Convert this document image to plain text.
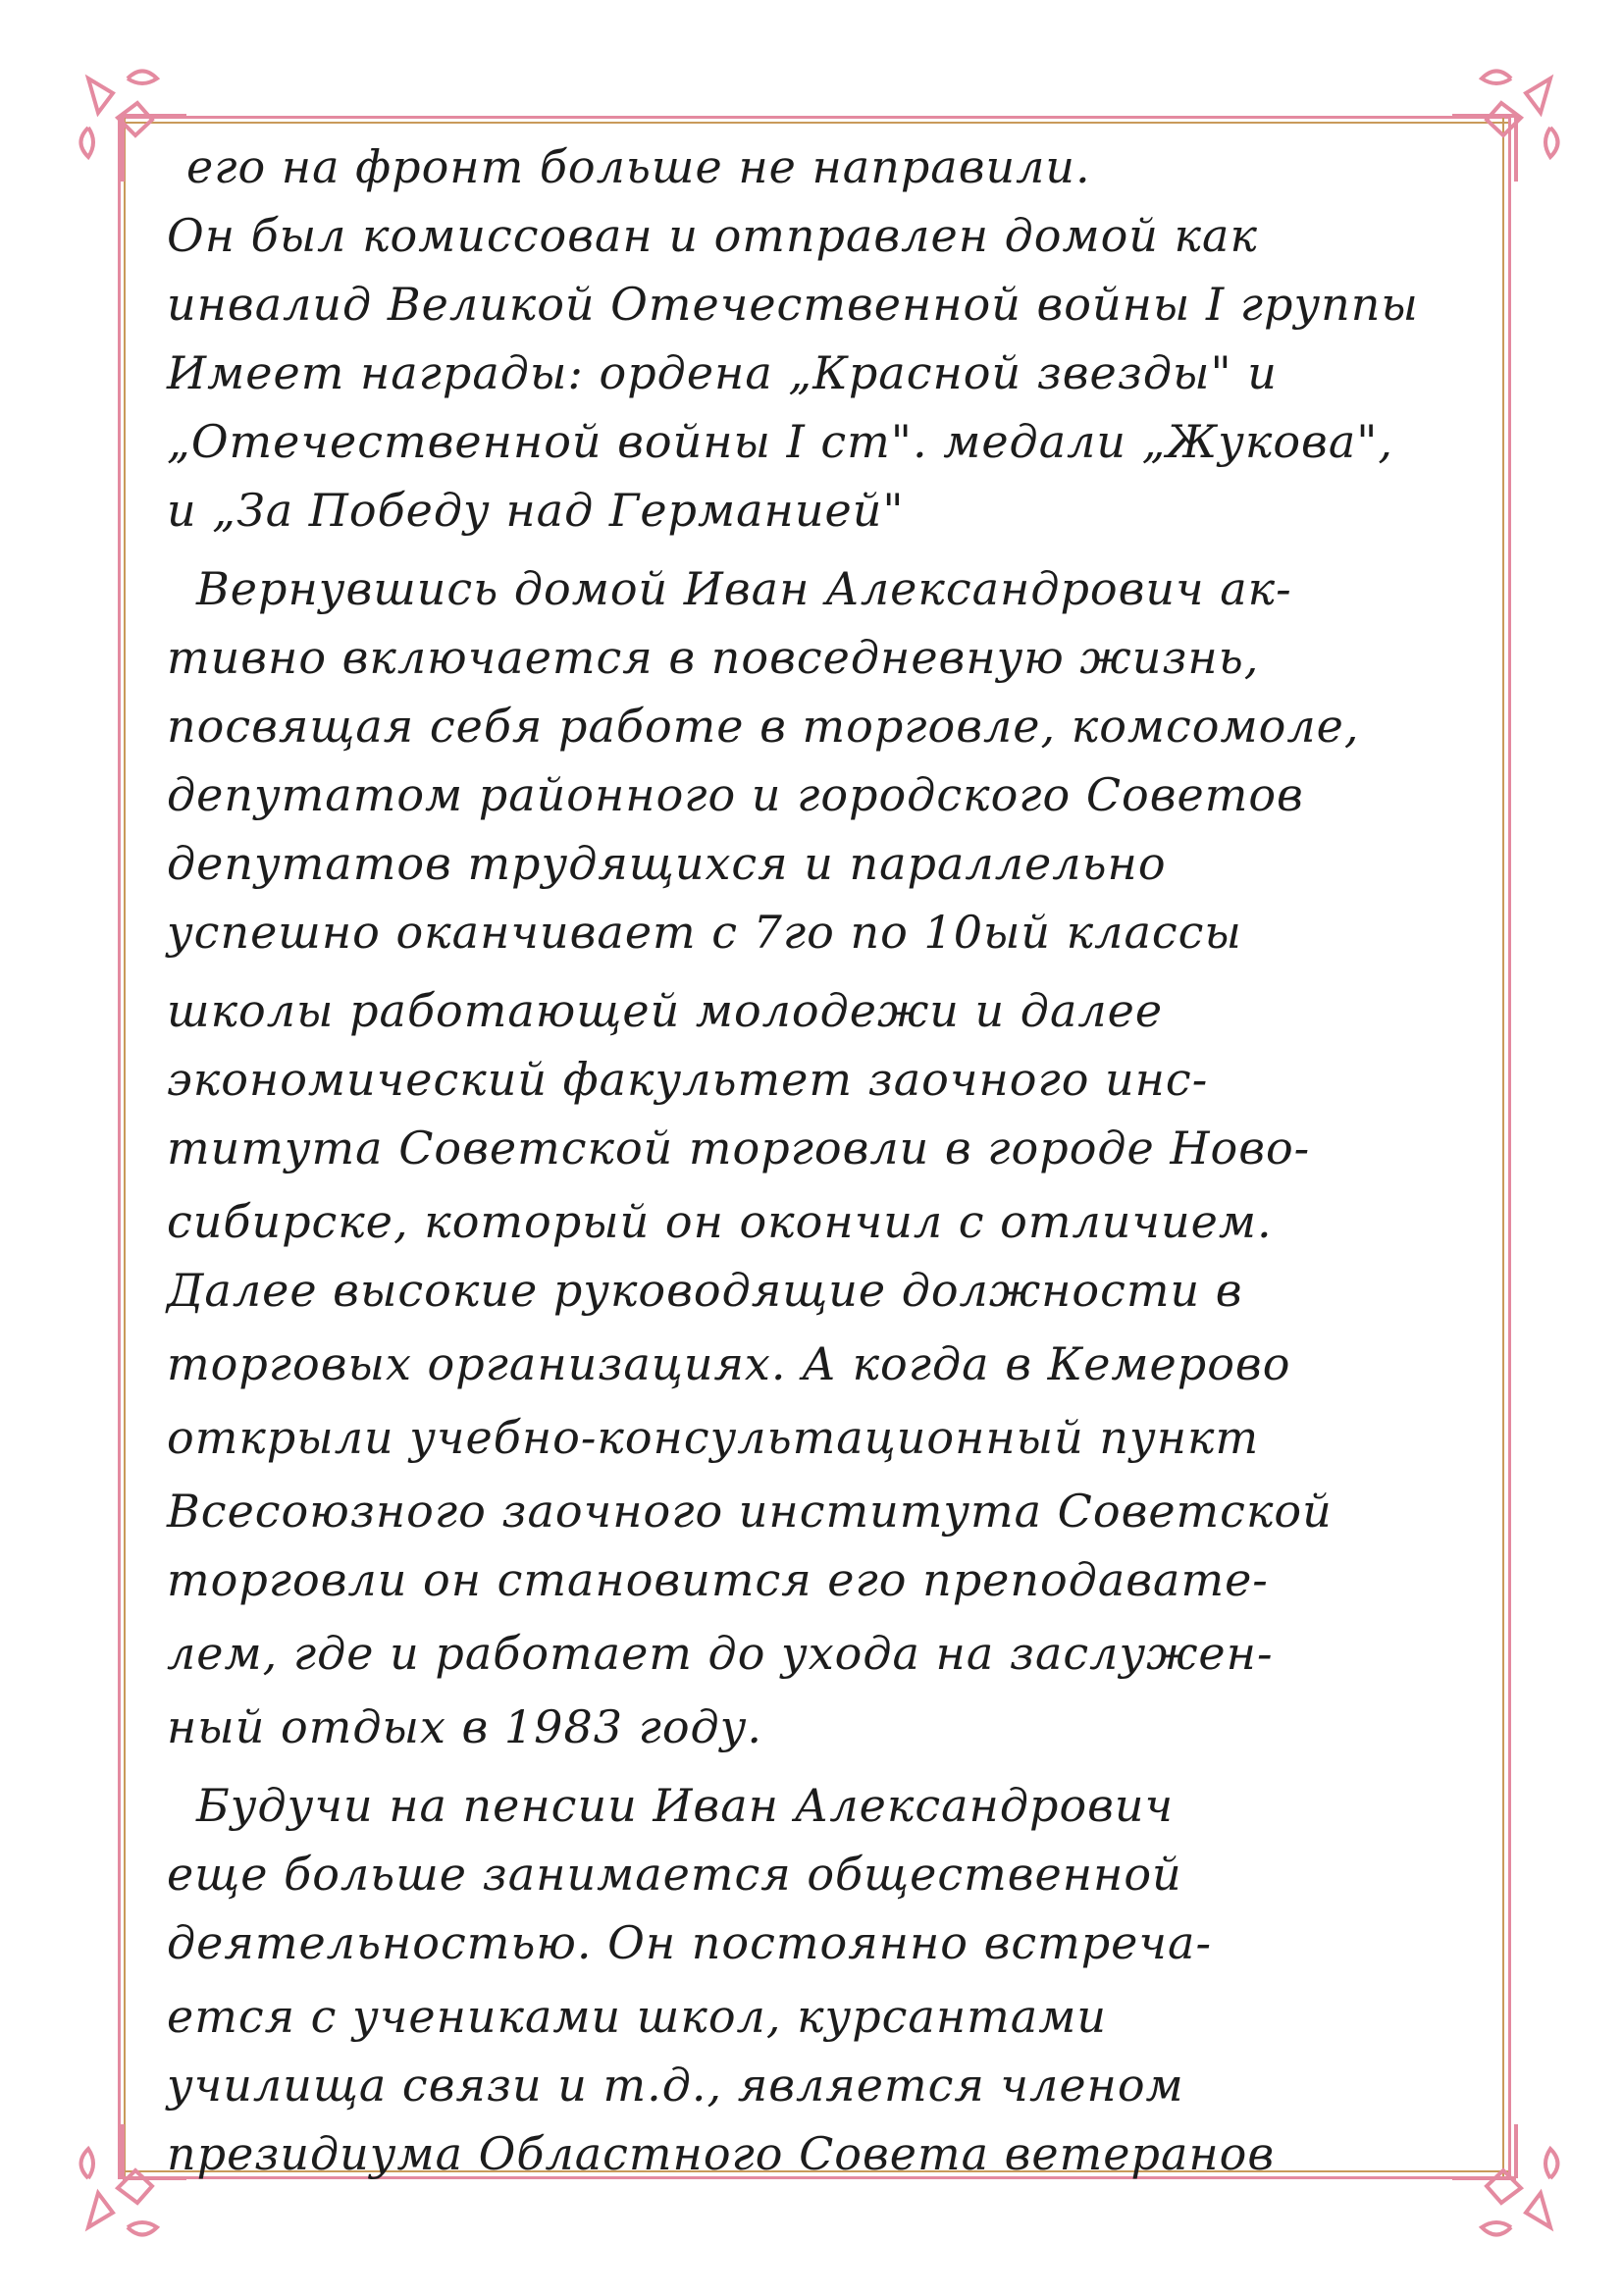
его на фронт больше не направили.
Он был комиссован и отправлен домой как
инвалид Великой Отечественной войны I группы
Имеет награды: ордена „Красной звезды" и
„Отечественной войны I ст". медали „Жукова",
и „За Победу над Германией"
Вернувшись домой Иван Александрович ак-
тивно включается в повседневную жизнь,
посвящая себя работе в торговле, комсомоле,
депутатом районного и городского Советов
депутатов трудящихся и параллельно
успешно оканчивает с 7го по 10ый классы
школы работающей молодежи и далее
экономический факультет заочного инс-
титута Советской торговли в городе Ново-
сибирске, который он окончил с отличием.
Далее высокие руководящие должности в
торговых организациях. А когда в Кемерово
открыли учебно-консультационный пункт
Всесоюзного заочного института Советской
торговли он становится его преподавате-
лем, где и работает до ухода на заслужен-
ный отдых в 1983 году.
Будучи на пенсии Иван Александрович
еще больше занимается общественной
деятельностью. Он постоянно встреча-
ется с учениками школ, курсантами
училища связи и т.д., является членом
президиума Областного Совета ветеранов
